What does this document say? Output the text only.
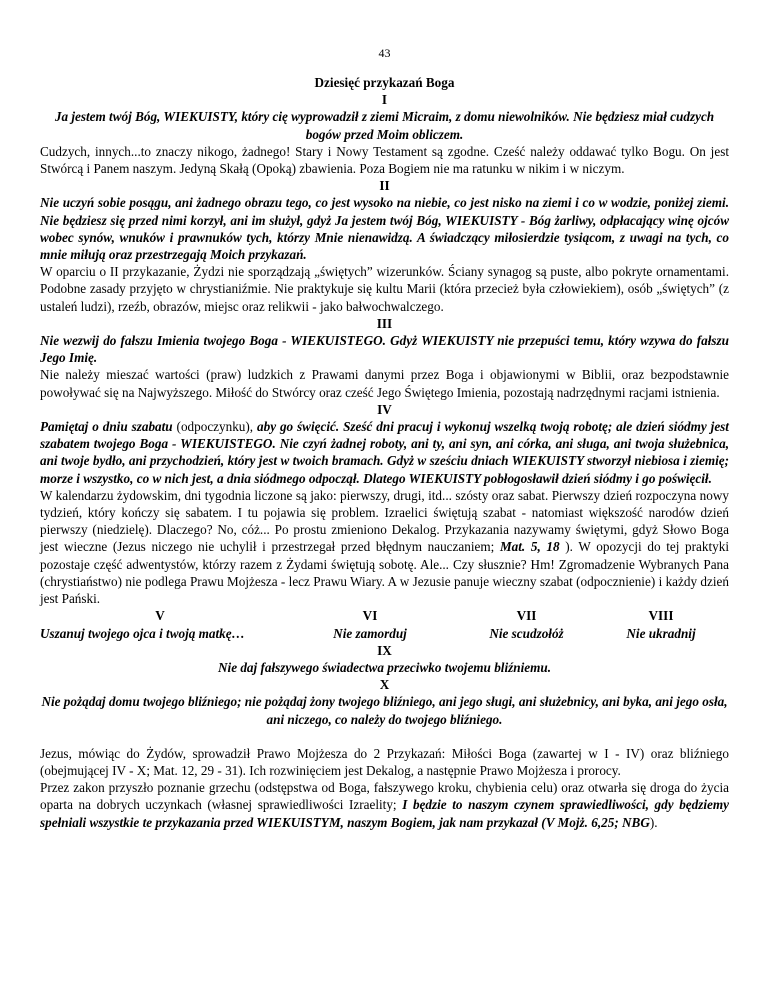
43

Dziesięć przykazań Boga

I

Ja jestem twój Bóg, WIEKUISTY, który cię wyprowadził z ziemi Micraim, z domu niewolników. Nie będziesz miał cudzych bogów przed Moim obliczem.

Cudzych, innych...to znaczy nikogo, żadnego! Stary i Nowy Testament są zgodne. Cześć należy oddawać tylko Bogu. On jest Stwórcą i Panem naszym. Jedyną Skałą (Opoką) zbawienia. Poza Bogiem nie ma ratunku w nikim i w niczym.

II

Nie uczyń sobie posągu, ani żadnego obrazu tego, co jest wysoko na niebie, co jest nisko na ziemi i co w wodzie, poniżej ziemi. Nie będziesz się przed nimi korzył, ani im służył, gdyż Ja jestem twój Bóg, WIEKUISTY - Bóg żarliwy, odpłacający winę ojców wobec synów, wnuków i prawnuków tych, którzy Mnie nienawidzą. A świadczący miłosierdzie tysiącom, z uwagi na tych, co mnie miłują oraz przestrzegają Moich przykazań.

W oparciu o II przykazanie, Żydzi nie sporządzają „świętych” wizerunków. Ściany synagog są puste, albo pokryte ornamentami. Podobne zasady przyjęto w chrystianiźmie. Nie praktykuje się kultu Marii (która przecież była człowiekiem), osób „świętych” (z ustaleń ludzi), rzeźb, obrazów, miejsc oraz relikwii - jako bałwochwalczego.

III

Nie wezwij do fałszu Imienia twojego Boga - WIEKUISTEGO. Gdyż WIEKUISTY nie przepuści temu, który wzywa do fałszu Jego Imię.

Nie należy mieszać wartości (praw) ludzkich z Prawami danymi przez Boga i objawionymi w Biblii, oraz bezpodstawnie powoływać się na Najwyższego. Miłość do Stwórcy oraz cześć Jego Świętego Imienia, pozostają nadrzędnymi racjami istnienia.

IV

Pamiętaj o dniu szabatu (odpoczynku), aby go święcić. Sześć dni pracuj i wykonuj wszelką twoją robotę; ale dzień siódmy jest szabatem twojego Boga - WIEKUISTEGO. Nie czyń żadnej roboty, ani ty, ani syn, ani córka, ani sługa, ani twoja służebnica, ani twoje bydło, ani przychodzień, który jest w twoich bramach. Gdyż w sześciu dniach WIEKUISTY stworzył niebiosa i ziemię; morze i wszystko, co w nich jest, a dnia siódmego odpoczął. Dlatego WIEKUISTY pobłogosławił dzień siódmy i go poświęcił.

W kalendarzu żydowskim, dni tygodnia liczone są jako: pierwszy, drugi, itd... szósty oraz sabat. Pierwszy dzień rozpoczyna nowy tydzień, który kończy się sabatem. I tu pojawia się problem. Izraelici świętują szabat - natomiast większość narodów dzień pierwszy (niedzielę). Dlaczego? No, cóż... Po prostu zmieniono Dekalog. Przykazania nazywamy świętymi, gdyż Słowo Boga jest wieczne (Jezus niczego nie uchylił i przestrzegał przed błędnym nauczaniem; Mat. 5, 18 ). W opozycji do tej praktyki pozostaje część adwentystów, którzy razem z Żydami świętują sobotę. Ale... Czy słusznie? Hm! Zgromadzenie Wybranych Pana (chrystiaństwo) nie podlega Prawu Mojżesza - lecz Prawu Wiary. A w Jezusie panuje wieczny szabat (odpocznienie) i każdy dzień jest Pański.

V	VI	VII	VIII
Uszanuj twojego ojca i twoją matkę…	Nie zamorduj	Nie scudzołóż	Nie ukradnij

IX

Nie daj fałszywego świadectwa przeciwko twojemu bliźniemu.

X

Nie pożądaj domu twojego bliźniego; nie pożądaj żony twojego bliźniego, ani jego sługi, ani służebnicy, ani byka, ani jego osła, ani niczego, co należy do twojego bliźniego.

Jezus, mówiąc do Żydów, sprowadził Prawo Mojżesza do 2 Przykazań: Miłości Boga (zawartej w I - IV) oraz bliźniego (obejmującej IV - X; Mat. 12, 29 - 31). Ich rozwinięciem jest Dekalog, a następnie Prawo Mojżesza i prorocy.

Przez zakon przyszło poznanie grzechu (odstępstwa od Boga, fałszywego kroku, chybienia celu) oraz otwarła się droga do życia oparta na dobrych uczynkach (własnej sprawiedliwości Izraelity; I będzie to naszym czynem sprawiedliwości, gdy będziemy spełniali wszystkie te przykazania przed WIEKUISTYM, naszym Bogiem, jak nam przykazał (V Mojż. 6,25; NBG).
